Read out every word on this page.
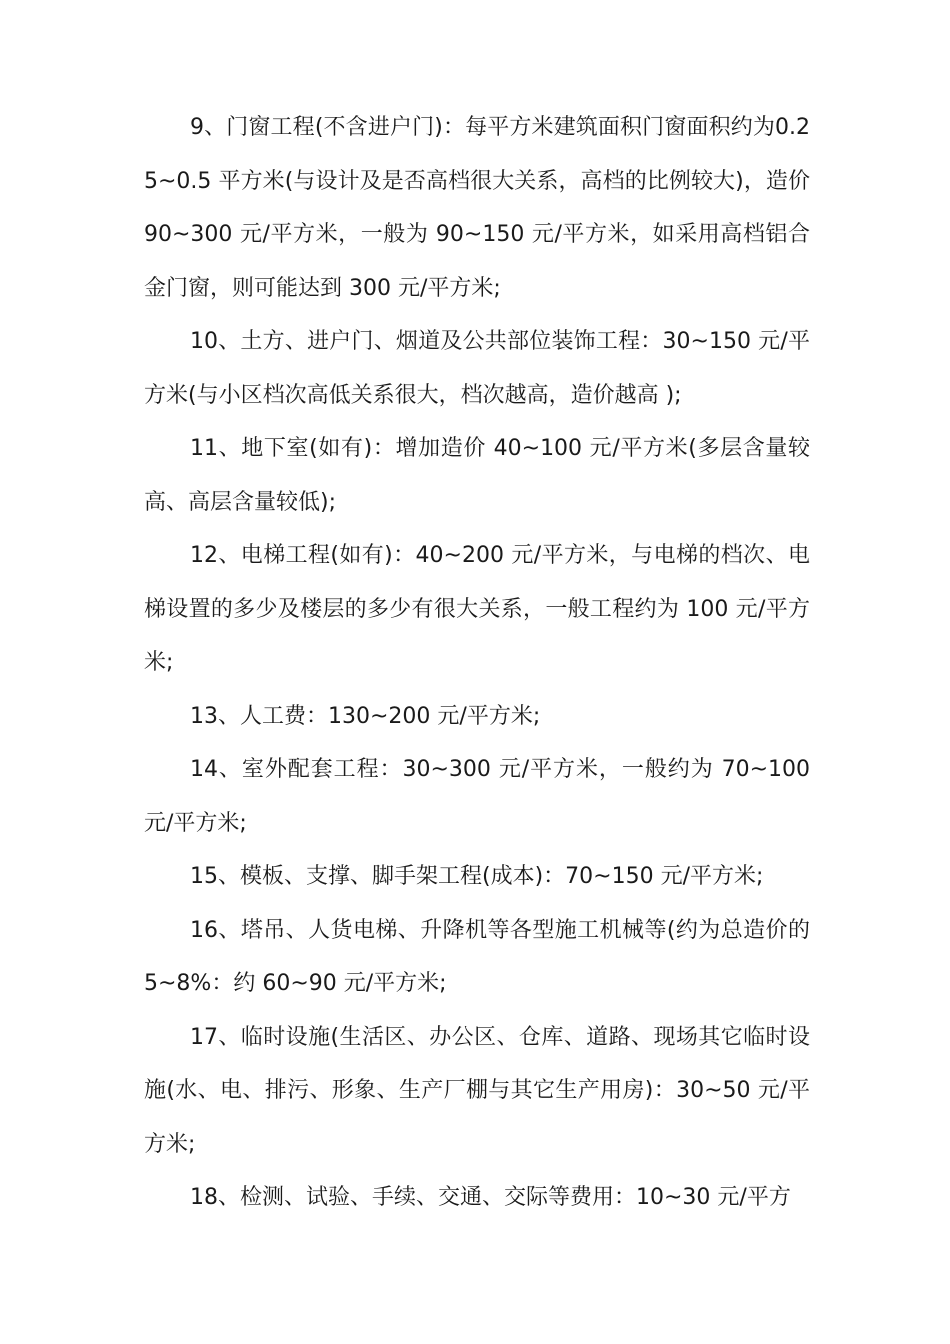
9、门窗工程(不含进户门)：每平方米建筑面积门窗面积约为0.25~0.5 平方米(与设计及是否高档很大关系，高档的比例较大)，造价 90~300 元/平方米，一般为 90~150 元/平方米，如采用高档铝合金门窗，则可能达到 300 元/平方米;

10、土方、进户门、烟道及公共部位装饰工程：30~150 元/平方米(与小区档次高低关系很大，档次越高，造价越高 );

11、地下室(如有)：增加造价 40~100 元/平方米(多层含量较高、高层含量较低);

12、电梯工程(如有)：40~200 元/平方米，与电梯的档次、电梯设置的多少及楼层的多少有很大关系，一般工程约为 100 元/平方米;

13、人工费：130~200 元/平方米;

14、室外配套工程：30~300 元/平方米，一般约为 70~100 元/平方米;

15、模板、支撑、脚手架工程(成本)：70~150 元/平方米;

16、塔吊、人货电梯、升降机等各型施工机械等(约为总造价的 5~8%：约 60~90 元/平方米;

17、临时设施(生活区、办公区、仓库、道路、现场其它临时设施(水、电、排污、形象、生产厂棚与其它生产用房)：30~50 元/平方米;

18、检测、试验、手续、交通、交际等费用：10~30 元/平方
